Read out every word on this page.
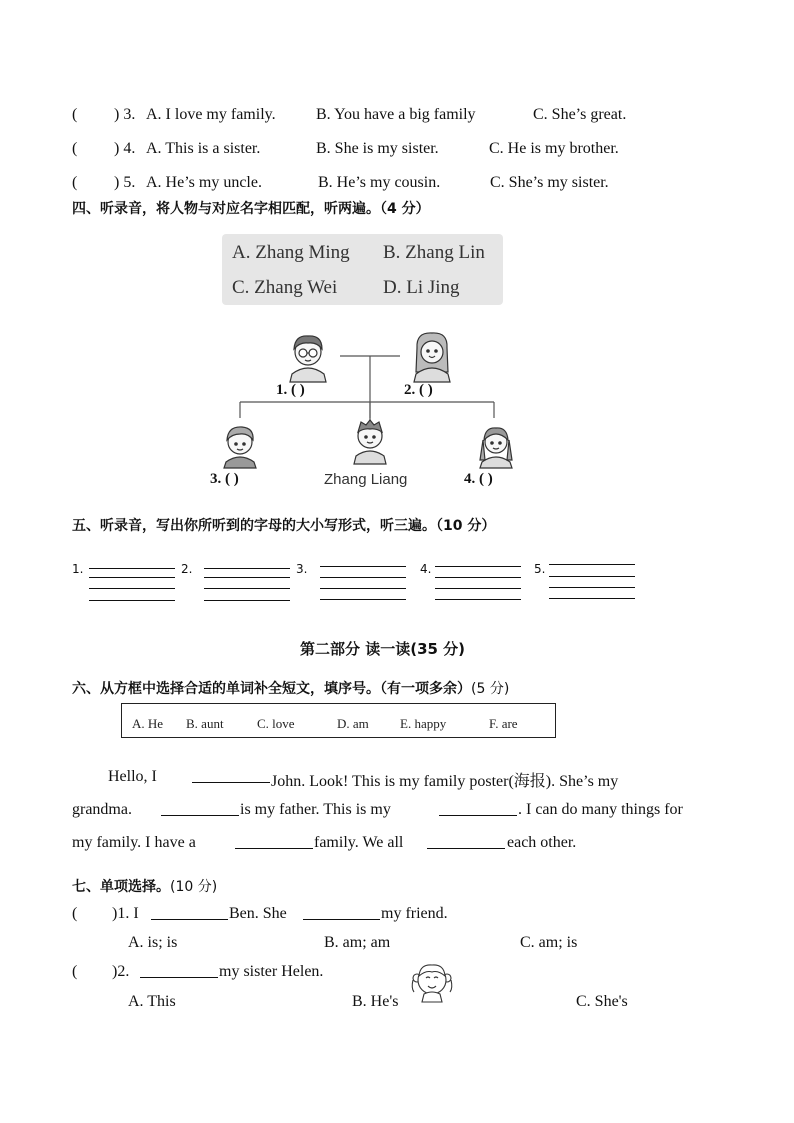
( ) 3. A. I love my family.	B. You have a big family	C. She’s great.
( ) 4. A. This is a sister.	B. She is my sister.	C. He is my brother.
( ) 5. A. He’s my uncle.	B. He’s my cousin.	C. She’s my sister.
四、听录音，将人物与对应名字相匹配，听两遍。（4 分）
A. Zhang Ming B. Zhang Lin
C. Zhang Wei D. Li Jing
1. ( )	2. ( )
3. ( )	Zhang Liang	4. ( )
五、听录音，写出你所听到的字母的大小写形式，听三遍。（10 分）
1.	2.	3.	4.	5.
第二部分 读一读(35 分)
六、从方框中选择合适的单词补全短文，填序号。（有一项多余）(5 分)
A. He B. aunt	C. love	D. am E. happy	F. are
Hello, I	John. Look! This is my family poster(海报). She’s my
grandma.	is my father. This is my	. I can do many things for
my family. I have a	family. We all	each other.
七、单项选择。(10 分)
( )1. I	Ben. She	my friend.
A. is; is	B. am; am	C. am; is
( )2.	my sister Helen.
A. This	B. He's	C. She's
